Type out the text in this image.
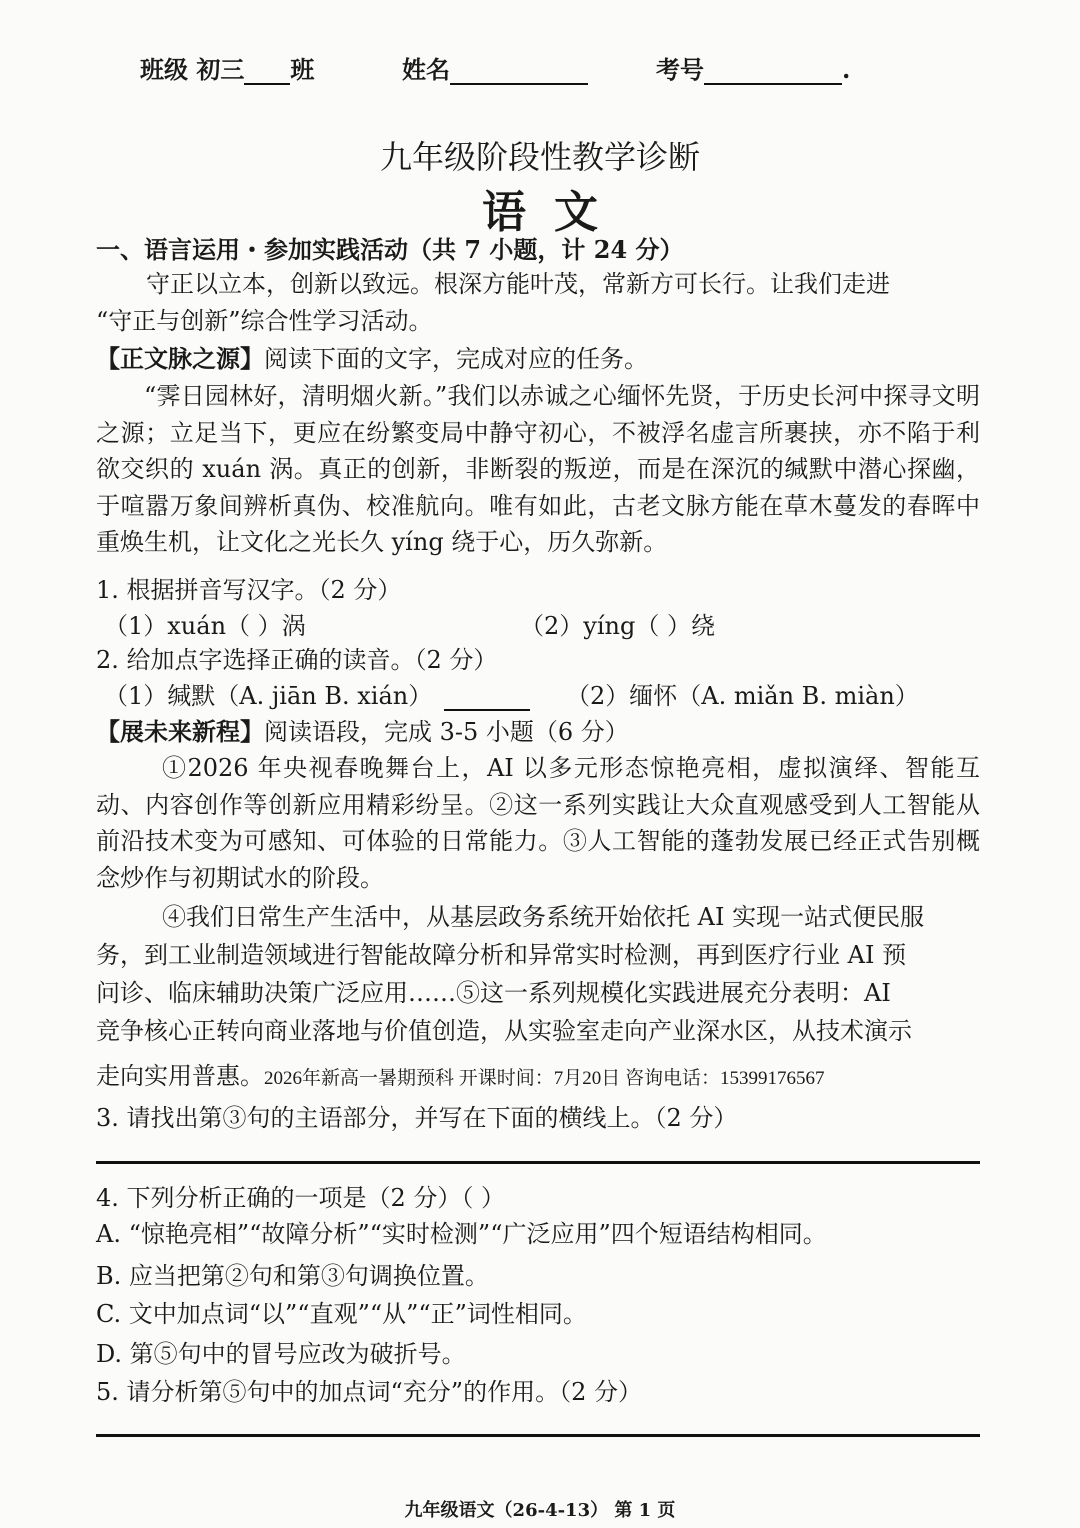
班级 初三 班	姓名	考号	.
九年级阶段性教学诊断
语文
一、语言运用・参加实践活动（共 7 小题，计 24 分）
守正以立本，创新以致远。根深方能叶茂，常新方可长行。让我们走进
“守正与创新”综合性学习活动。
【正文脉之源】阅读下面的文字，完成对应的任务。
“霁日园林好，清明烟火新。”我们以赤诚之心缅怀先贤，于历史长河中探寻文明之源；立足当下，更应在纷繁变局中静守初心，不被浮名虚言所裹挟，亦不陷于利欲交织的 xuán 涡。真正的创新，非断裂的叛逆，而是在深沉的缄默中潜心探幽，于喧嚣万象间辨析真伪、校准航向。唯有如此，古老文脉方能在草木蔓发的春晖中重焕生机，让文化之光长久 yíng 绕于心，历久弥新。
1. 根据拼音写汉字。（2 分）
（1）xuán（ ）涡	（2）yíng（ ）绕
2. 给加点字选择正确的读音。（2 分）
（1）缄默（A. jiān B. xián）	（2）缅怀（A. miǎn B. miàn）
【展未来新程】阅读语段，完成 3-5 小题（6 分）
①2026 年央视春晚舞台上，AI 以多元形态惊艳亮相，虚拟演绎、智能互动、内容创作等创新应用精彩纷呈。②这一系列实践让大众直观感受到人工智能从前沿技术变为可感知、可体验的日常能力。③人工智能的蓬勃发展已经正式告别概念炒作与初期试水的阶段。
④我们日常生产生活中，从基层政务系统开始依托 AI 实现一站式便民服
务，到工业制造领域进行智能故障分析和异常实时检测，再到医疗行业 AI 预
问诊、临床辅助决策广泛应用……⑤这一系列规模化实践进展充分表明：AI
竞争核心正转向商业落地与价值创造，从实验室走向产业深水区，从技术演示
走向实用普惠。2026年新高一暑期预科 开课时间：7月20日 咨询电话：15399176567
3. 请找出第③句的主语部分，并写在下面的横线上。（2 分）
4. 下列分析正确的一项是（2 分）（ ）
A. “惊艳亮相”“故障分析”“实时检测”“广泛应用”四个短语结构相同。
B. 应当把第②句和第③句调换位置。
C. 文中加点词“以”“直观”“从”“正”词性相同。
D. 第⑤句中的冒号应改为破折号。
5. 请分析第⑤句中的加点词“充分”的作用。（2 分）
九年级语文（26-4-13） 第 1 页
